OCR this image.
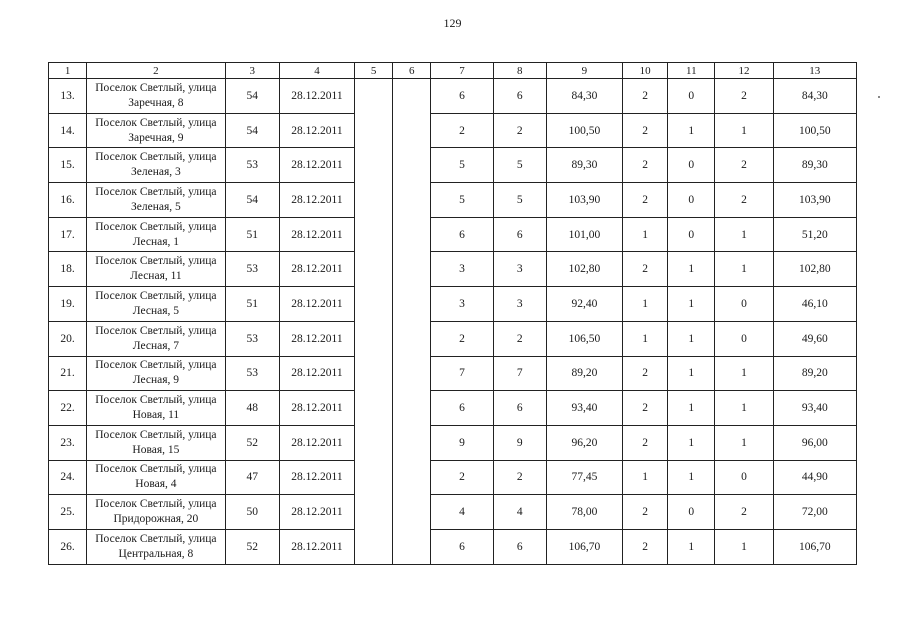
129
1	2	3	4	5	6	7	8	9	10	11	12	13
13.	Поселок Светлый, улица
Заречная, 8	54	28.12.2011			6	6	84,30	2	0	2	84,30
14.	Поселок Светлый, улица
Заречная, 9	54	28.12.2011			2	2	100,50	2	1	1	100,50
15.	Поселок Светлый, улица
Зеленая, 3	53	28.12.2011			5	5	89,30	2	0	2	89,30
16.	Поселок Светлый, улица
Зеленая, 5	54	28.12.2011			5	5	103,90	2	0	2	103,90
17.	Поселок Светлый, улица
Лесная, 1	51	28.12.2011			6	6	101,00	1	0	1	51,20
18.	Поселок Светлый, улица
Лесная, 11	53	28.12.2011			3	3	102,80	2	1	1	102,80
19.	Поселок Светлый, улица
Лесная, 5	51	28.12.2011			3	3	92,40	1	1	0	46,10
20.	Поселок Светлый, улица
Лесная, 7	53	28.12.2011			2	2	106,50	1	1	0	49,60
21.	Поселок Светлый, улица
Лесная, 9	53	28.12.2011			7	7	89,20	2	1	1	89,20
22.	Поселок Светлый, улица
Новая, 11	48	28.12.2011			6	6	93,40	2	1	1	93,40
23.	Поселок Светлый, улица
Новая, 15	52	28.12.2011			9	9	96,20	2	1	1	96,00
24.	Поселок Светлый, улица
Новая, 4	47	28.12.2011			2	2	77,45	1	1	0	44,90
25.	Поселок Светлый, улица
Придорожная, 20	50	28.12.2011			4	4	78,00	2	0	2	72,00
26.	Поселок Светлый, улица
Центральная, 8	52	28.12.2011			6	6	106,70	2	1	1	106,70
